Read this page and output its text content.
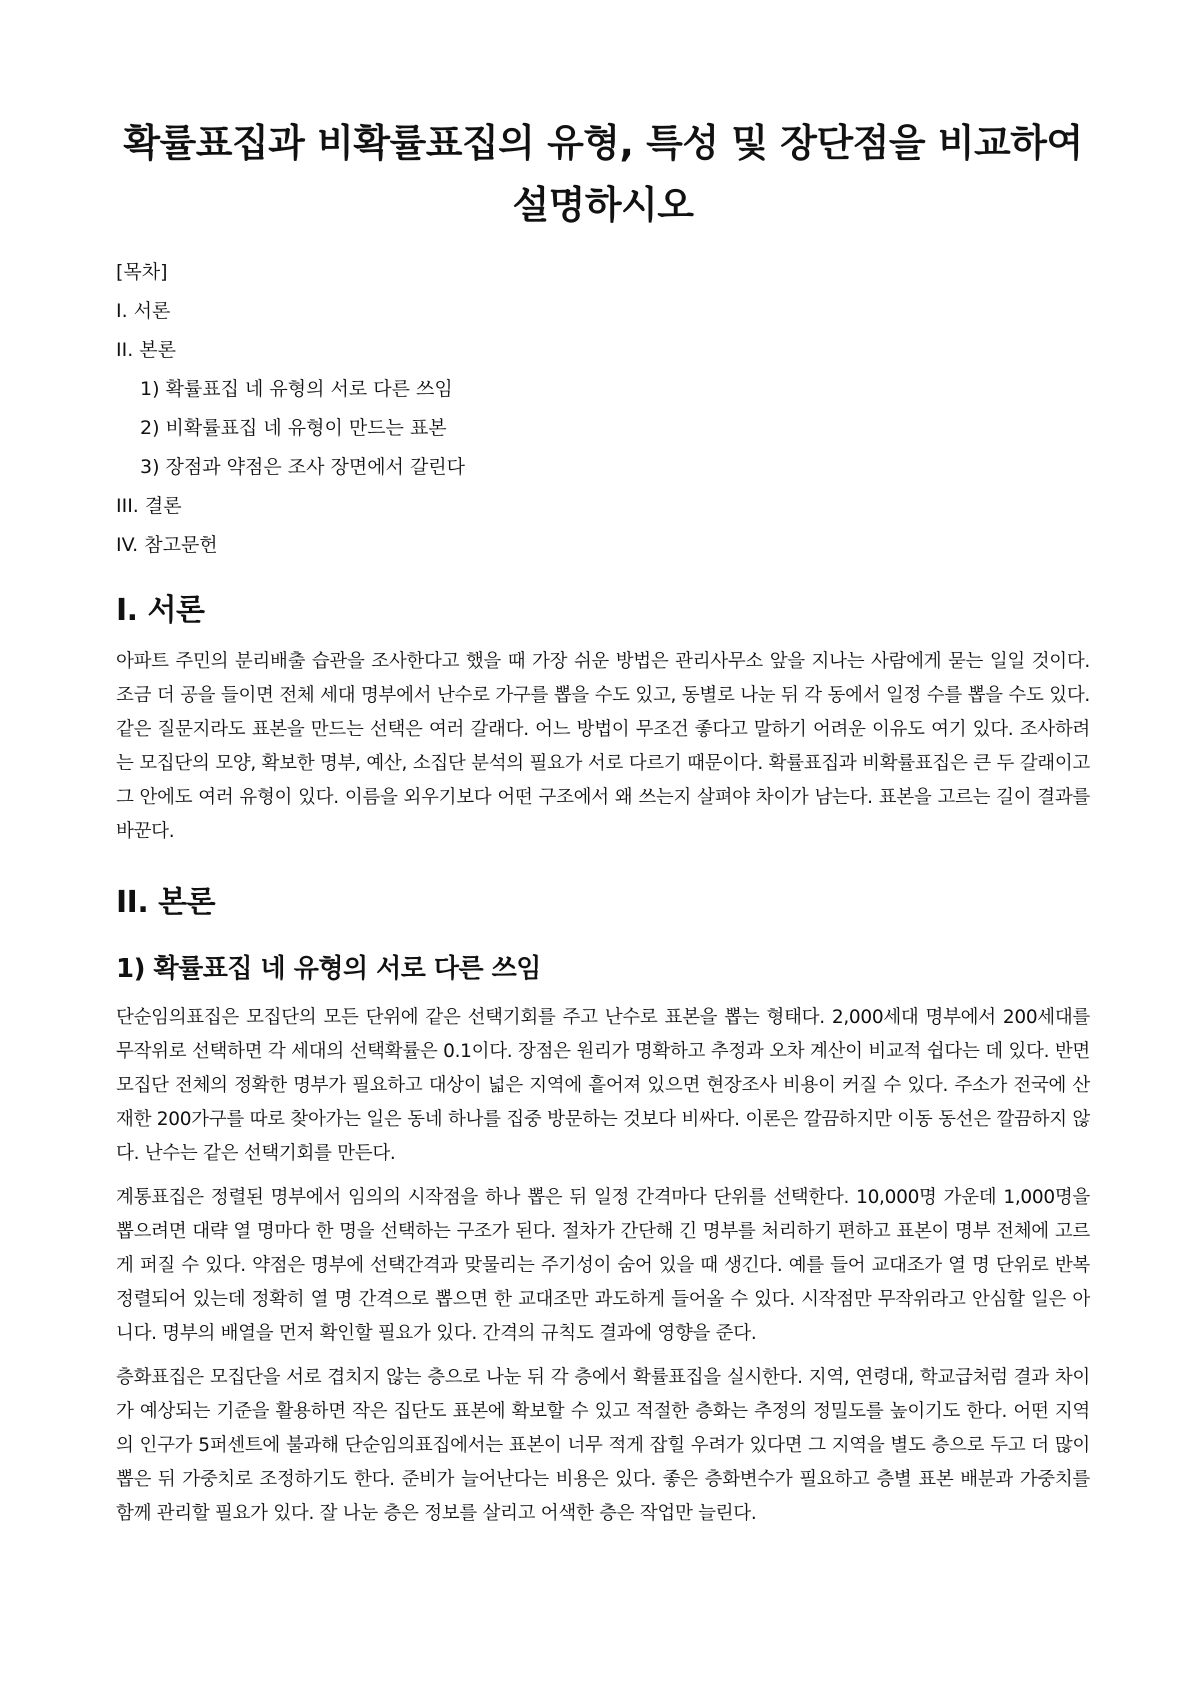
확률표집과 비확률표집의 유형, 특성 및 장단점을 비교하여 설명하시오
[목차]
I. 서론
II. 본론
1) 확률표집 네 유형의 서로 다른 쓰임
2) 비확률표집 네 유형이 만드는 표본
3) 장점과 약점은 조사 장면에서 갈린다
III. 결론
IV. 참고문헌
I. 서론

아파트 주민의 분리배출 습관을 조사한다고 했을 때 가장 쉬운 방법은 관리사무소 앞을 지나는 사람에게 묻는 일일 것이다. 조금 더 공을 들이면 전체 세대 명부에서 난수로 가구를 뽑을 수도 있고, 동별로 나눈 뒤 각 동에서 일정 수를 뽑을 수도 있다. 같은 질문지라도 표본을 만드는 선택은 여러 갈래다. 어느 방법이 무조건 좋다고 말하기 어려운 이유도 여기 있다. 조사하려는 모집단의 모양, 확보한 명부, 예산, 소집단 분석의 필요가 서로 다르기 때문이다. 확률표집과 비확률표집은 큰 두 갈래이고 그 안에도 여러 유형이 있다. 이름을 외우기보다 어떤 구조에서 왜 쓰는지 살펴야 차이가 남는다. 표본을 고르는 길이 결과를 바꾼다.

II. 본론
1) 확률표집 네 유형의 서로 다른 쓰임

단순임의표집은 모집단의 모든 단위에 같은 선택기회를 주고 난수로 표본을 뽑는 형태다. 2,000세대 명부에서 200세대를 무작위로 선택하면 각 세대의 선택확률은 0.1이다. 장점은 원리가 명확하고 추정과 오차 계산이 비교적 쉽다는 데 있다. 반면 모집단 전체의 정확한 명부가 필요하고 대상이 넓은 지역에 흩어져 있으면 현장조사 비용이 커질 수 있다. 주소가 전국에 산재한 200가구를 따로 찾아가는 일은 동네 하나를 집중 방문하는 것보다 비싸다. 이론은 깔끔하지만 이동 동선은 깔끔하지 않다. 난수는 같은 선택기회를 만든다.

계통표집은 정렬된 명부에서 임의의 시작점을 하나 뽑은 뒤 일정 간격마다 단위를 선택한다. 10,000명 가운데 1,000명을 뽑으려면 대략 열 명마다 한 명을 선택하는 구조가 된다. 절차가 간단해 긴 명부를 처리하기 편하고 표본이 명부 전체에 고르게 퍼질 수 있다. 약점은 명부에 선택간격과 맞물리는 주기성이 숨어 있을 때 생긴다. 예를 들어 교대조가 열 명 단위로 반복 정렬되어 있는데 정확히 열 명 간격으로 뽑으면 한 교대조만 과도하게 들어올 수 있다. 시작점만 무작위라고 안심할 일은 아니다. 명부의 배열을 먼저 확인할 필요가 있다. 간격의 규칙도 결과에 영향을 준다.

층화표집은 모집단을 서로 겹치지 않는 층으로 나눈 뒤 각 층에서 확률표집을 실시한다. 지역, 연령대, 학교급처럼 결과 차이가 예상되는 기준을 활용하면 작은 집단도 표본에 확보할 수 있고 적절한 층화는 추정의 정밀도를 높이기도 한다. 어떤 지역의 인구가 5퍼센트에 불과해 단순임의표집에서는 표본이 너무 적게 잡힐 우려가 있다면 그 지역을 별도 층으로 두고 더 많이 뽑은 뒤 가중치로 조정하기도 한다. 준비가 늘어난다는 비용은 있다. 좋은 층화변수가 필요하고 층별 표본 배분과 가중치를 함께 관리할 필요가 있다. 잘 나눈 층은 정보를 살리고 어색한 층은 작업만 늘린다.
